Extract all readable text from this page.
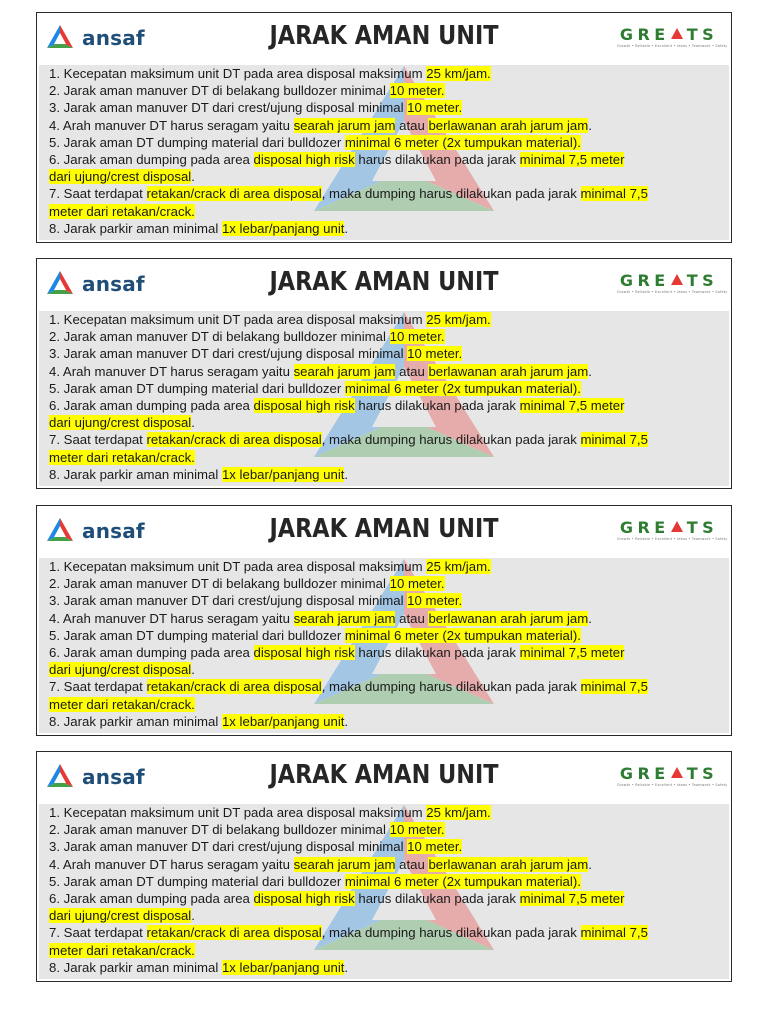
ansaf	JARAK AMAN UNIT	GRE TS
Growth • Reliable • Excellent • Ideas • Teamwork • Safety
1. Kecepatan maksimum unit DT pada area disposal maksimum 25 km/jam.
2. Jarak aman manuver DT di belakang bulldozer minimal 10 meter.
3. Jarak aman manuver DT dari crest/ujung disposal minimal 10 meter.
4. Arah manuver DT harus seragam yaitu searah jarum jam atau berlawanan arah jarum jam.
5. Jarak aman DT dumping material dari bulldozer minimal 6 meter (2x tumpukan material).
6. Jarak aman dumping pada area disposal high risk harus dilakukan pada jarak minimal 7,5 meter
dari ujung/crest disposal.
7. Saat terdapat retakan/crack di area disposal, maka dumping harus dilakukan pada jarak minimal 7,5
meter dari retakan/crack.
8. Jarak parkir aman minimal 1x lebar/panjang unit.
ansaf	JARAK AMAN UNIT	GRE TS
Growth • Reliable • Excellent • Ideas • Teamwork • Safety
1. Kecepatan maksimum unit DT pada area disposal maksimum 25 km/jam.
2. Jarak aman manuver DT di belakang bulldozer minimal 10 meter.
3. Jarak aman manuver DT dari crest/ujung disposal minimal 10 meter.
4. Arah manuver DT harus seragam yaitu searah jarum jam atau berlawanan arah jarum jam.
5. Jarak aman DT dumping material dari bulldozer minimal 6 meter (2x tumpukan material).
6. Jarak aman dumping pada area disposal high risk harus dilakukan pada jarak minimal 7,5 meter
dari ujung/crest disposal.
7. Saat terdapat retakan/crack di area disposal, maka dumping harus dilakukan pada jarak minimal 7,5
meter dari retakan/crack.
8. Jarak parkir aman minimal 1x lebar/panjang unit.
ansaf	JARAK AMAN UNIT	GRE TS
Growth • Reliable • Excellent • Ideas • Teamwork • Safety
1. Kecepatan maksimum unit DT pada area disposal maksimum 25 km/jam.
2. Jarak aman manuver DT di belakang bulldozer minimal 10 meter.
3. Jarak aman manuver DT dari crest/ujung disposal minimal 10 meter.
4. Arah manuver DT harus seragam yaitu searah jarum jam atau berlawanan arah jarum jam.
5. Jarak aman DT dumping material dari bulldozer minimal 6 meter (2x tumpukan material).
6. Jarak aman dumping pada area disposal high risk harus dilakukan pada jarak minimal 7,5 meter
dari ujung/crest disposal.
7. Saat terdapat retakan/crack di area disposal, maka dumping harus dilakukan pada jarak minimal 7,5
meter dari retakan/crack.
8. Jarak parkir aman minimal 1x lebar/panjang unit.
ansaf	JARAK AMAN UNIT	GRE TS
Growth • Reliable • Excellent • Ideas • Teamwork • Safety
1. Kecepatan maksimum unit DT pada area disposal maksimum 25 km/jam.
2. Jarak aman manuver DT di belakang bulldozer minimal 10 meter.
3. Jarak aman manuver DT dari crest/ujung disposal minimal 10 meter.
4. Arah manuver DT harus seragam yaitu searah jarum jam atau berlawanan arah jarum jam.
5. Jarak aman DT dumping material dari bulldozer minimal 6 meter (2x tumpukan material).
6. Jarak aman dumping pada area disposal high risk harus dilakukan pada jarak minimal 7,5 meter
dari ujung/crest disposal.
7. Saat terdapat retakan/crack di area disposal, maka dumping harus dilakukan pada jarak minimal 7,5
meter dari retakan/crack.
8. Jarak parkir aman minimal 1x lebar/panjang unit.
